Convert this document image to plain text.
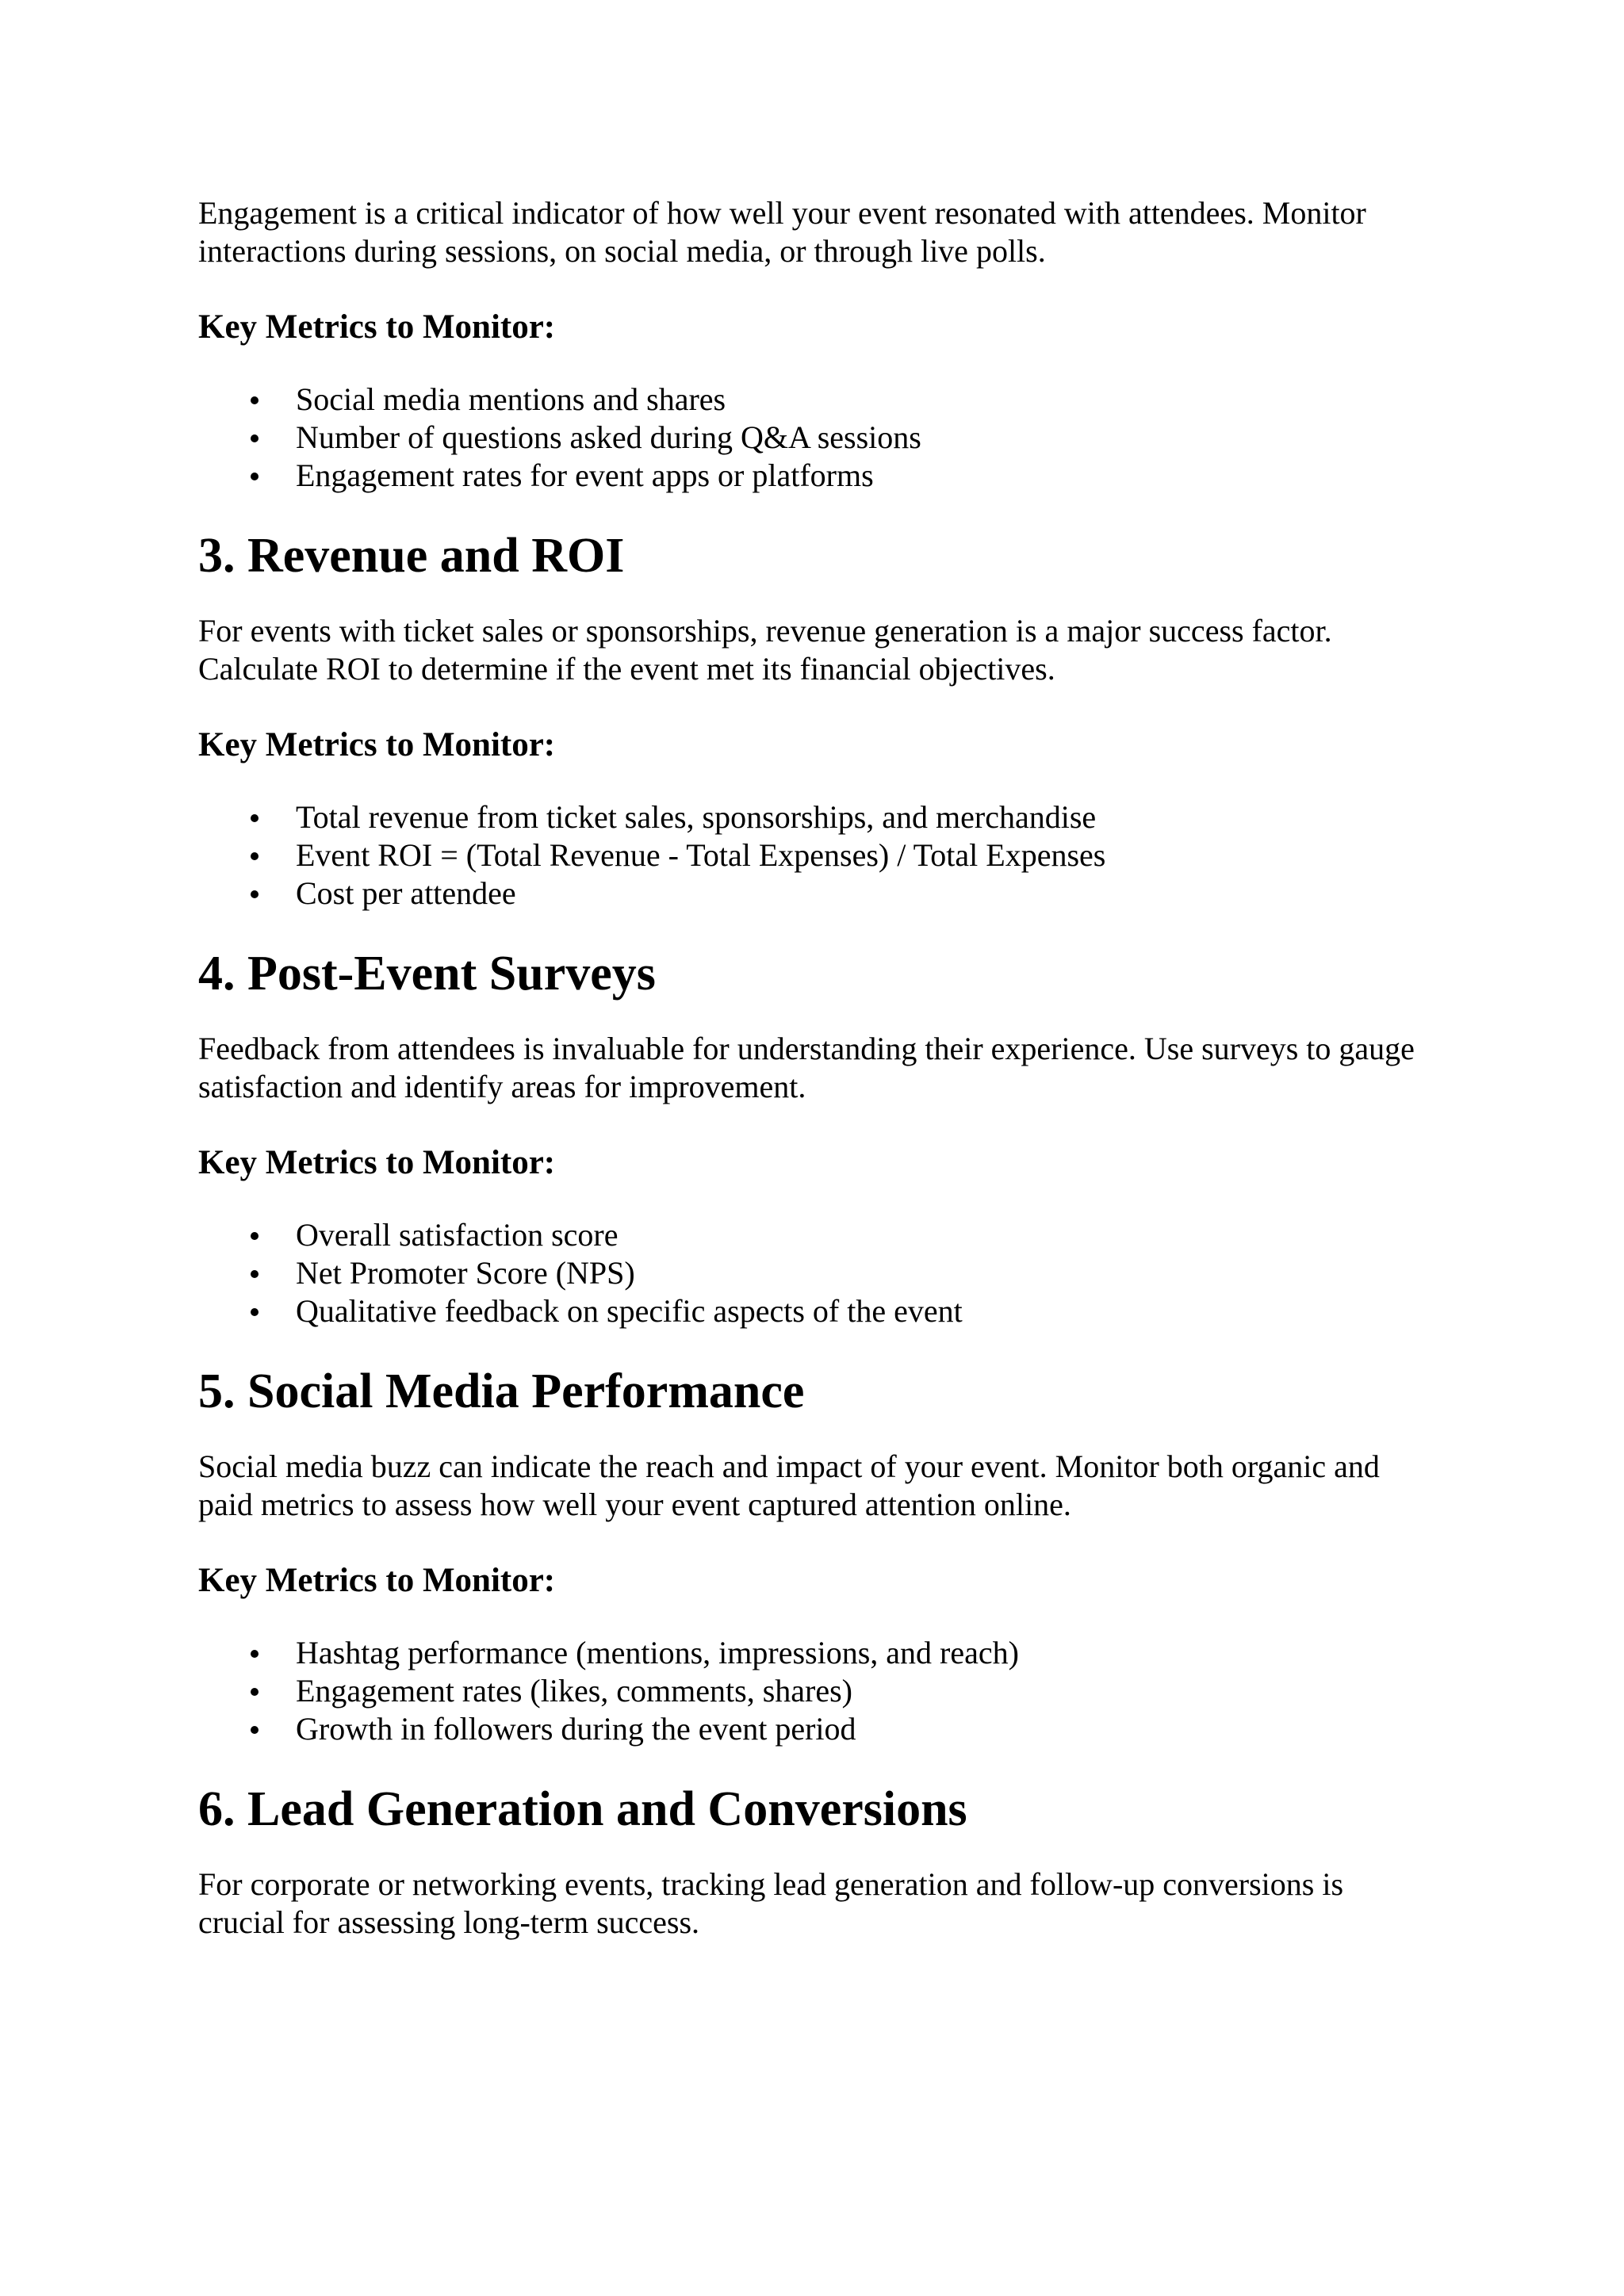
Engagement is a critical indicator of how well your event resonated with attendees. Monitor interactions during sessions, on social media, or through live polls.

Key Metrics to Monitor:
Social media mentions and shares
Number of questions asked during Q&A sessions
Engagement rates for event apps or platforms
3. Revenue and ROI

For events with ticket sales or sponsorships, revenue generation is a major success factor. Calculate ROI to determine if the event met its financial objectives.

Key Metrics to Monitor:
Total revenue from ticket sales, sponsorships, and merchandise
Event ROI = (Total Revenue - Total Expenses) / Total Expenses
Cost per attendee
4. Post-Event Surveys

Feedback from attendees is invaluable for understanding their experience. Use surveys to gauge satisfaction and identify areas for improvement.

Key Metrics to Monitor:
Overall satisfaction score
Net Promoter Score (NPS)
Qualitative feedback on specific aspects of the event
5. Social Media Performance

Social media buzz can indicate the reach and impact of your event. Monitor both organic and paid metrics to assess how well your event captured attention online.

Key Metrics to Monitor:
Hashtag performance (mentions, impressions, and reach)
Engagement rates (likes, comments, shares)
Growth in followers during the event period
6. Lead Generation and Conversions

For corporate or networking events, tracking lead generation and follow-up conversions is crucial for assessing long-term success.
